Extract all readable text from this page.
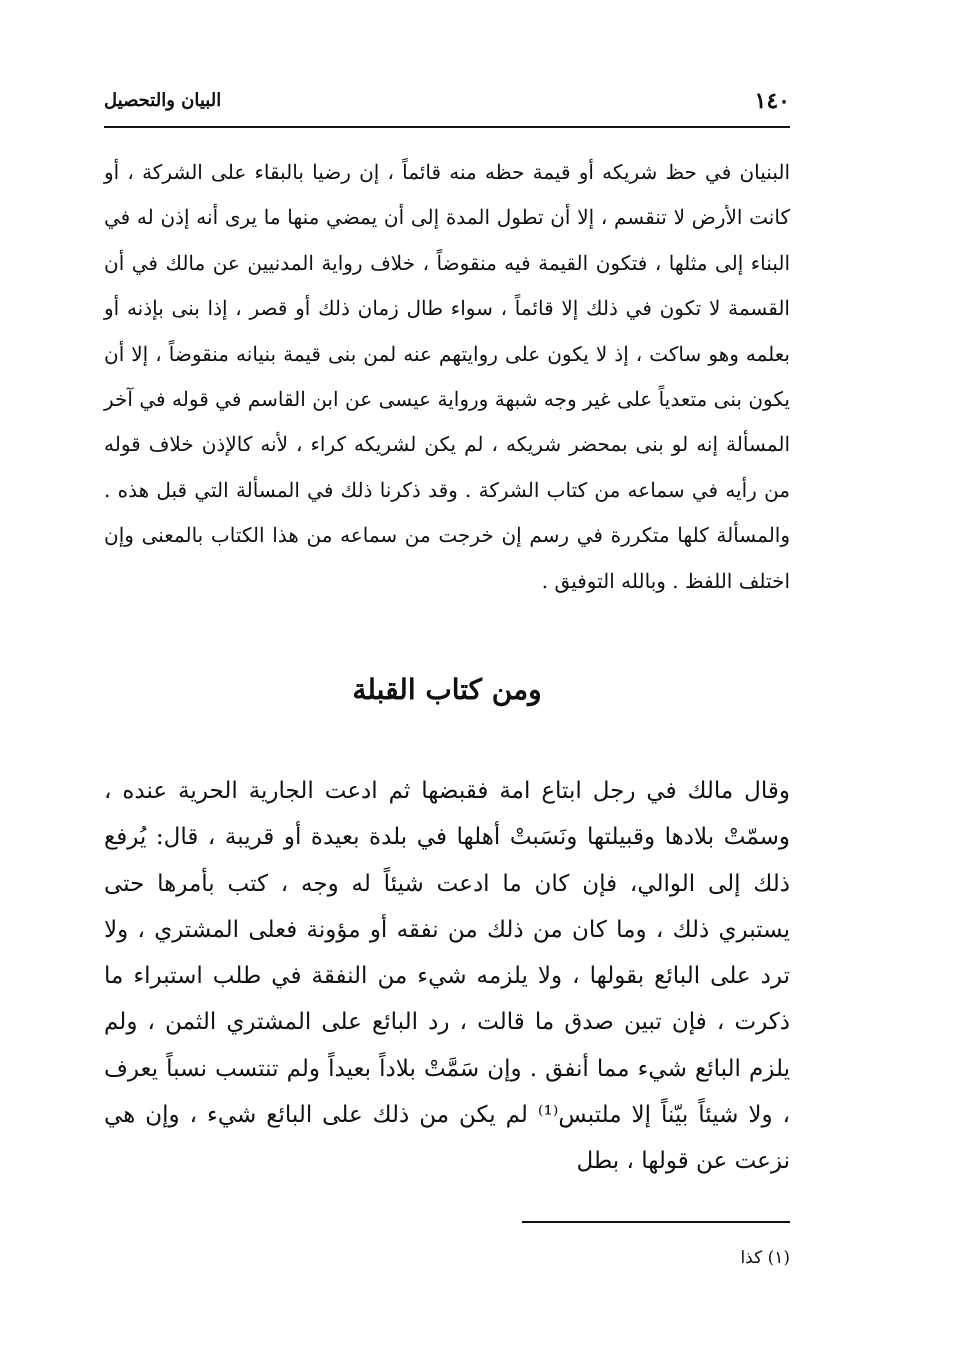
١٤٠
البيان والتحصيل

البنيان في حظ شريكه أو قيمة حظه منه قائماً ، إن رضيا بالبقاء على الشركة ، أو كانت الأرض لا تنقسم ، إلا أن تطول المدة إلى أن يمضي منها ما يرى أنه إذن له في البناء إلى مثلها ، فتكون القيمة فيه منقوضاً ، خلاف رواية المدنيين عن مالك في أن القسمة لا تكون في ذلك إلا قائماً ، سواء طال زمان ذلك أو قصر ، إذا بنى بإذنه أو بعلمه وهو ساكت ، إذ لا يكون على روايتهم عنه لمن بنى قيمة بنيانه منقوضاً ، إلا أن يكون بنى متعدياً على غير وجه شبهة ورواية عيسى عن ابن القاسم في قوله في آخر المسألة إنه لو بنى بمحضر شريكه ، لم يكن لشريكه كراء ، لأنه كالإذن خلاف قوله من رأيه في سماعه من كتاب الشركة . وقد ذكرنا ذلك في المسألة التي قبل هذه . والمسألة كلها متكررة في رسم إن خرجت من سماعه من هذا الكتاب بالمعنى وإن اختلف اللفظ . وبالله التوفيق .

ومن كتاب القبلة

وقال مالك في رجل ابتاع امة فقبضها ثم ادعت الجارية الحرية عنده ، وسمّتْ بلادها وقبيلتها ونَسَبتْ أهلها في بلدة بعيدة أو قريبة ، قال: يُرفع ذلك إلى الوالي، فإن كان ما ادعت شيئاً له وجه ، كتب بأمرها حتى يستبري ذلك ، وما كان من ذلك من نفقه أو مؤونة فعلى المشتري ، ولا ترد على البائع بقولها ، ولا يلزمه شيء من النفقة في طلب استبراء ما ذكرت ، فإن تبين صدق ما قالت ، رد البائع على المشتري الثمن ، ولم يلزم البائع شيء مما أنفق . وإن سَمَّتْ بلاداً بعيداً ولم تنتسب نسباً يعرف ، ولا شيئاً بيّناً إلا ملتبس⁽¹⁾ لم يكن من ذلك على البائع شيء ، وإن هي نزعت عن قولها ، بطل

(١) كذا
